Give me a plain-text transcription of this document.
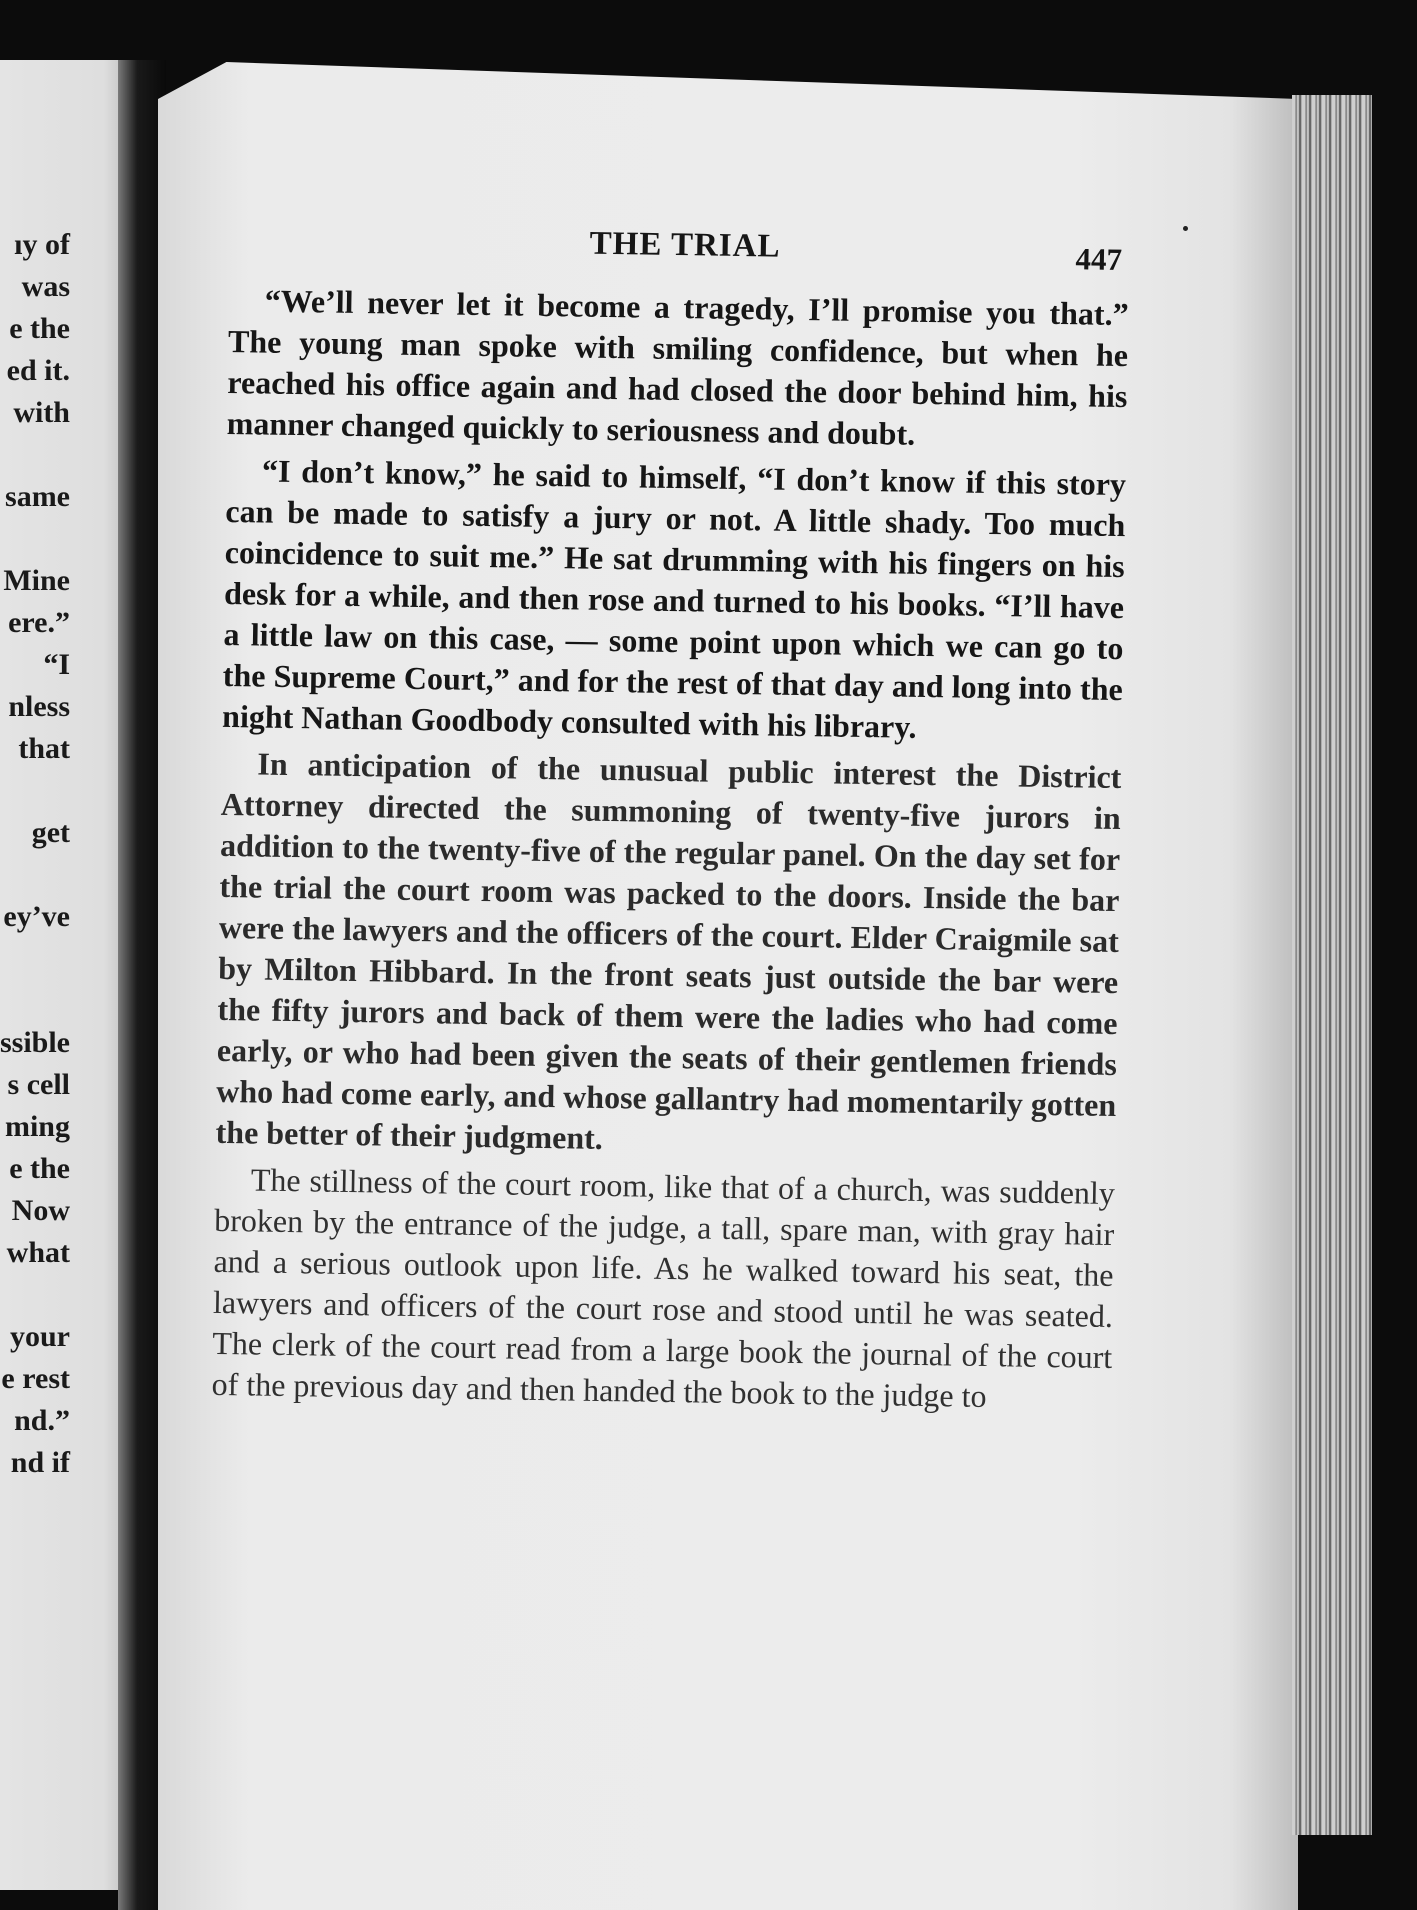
ıy of
was
e the
ed it.
with
same
Mine
ere.”
“I
nless
that
get
ey’ve
ssible
s cell
ming
e the
Now
what
your
e rest
nd.”
nd if
THE TRIAL	447

“We’ll never let it become a tragedy, I’ll promise you that.” The young man spoke with smiling confidence, but when he reached his office again and had closed the door behind him, his manner changed quickly to seriousness and doubt.

“I don’t know,” he said to himself, “I don’t know if this story can be made to satisfy a jury or not. A little shady. Too much coincidence to suit me.” He sat drumming with his fingers on his desk for a while, and then rose and turned to his books. “I’ll have a little law on this case, — some point upon which we can go to the Supreme Court,” and for the rest of that day and long into the night Nathan Goodbody consulted with his library.

In anticipation of the unusual public interest the District Attorney directed the summoning of twenty-five jurors in addition to the twenty-five of the regular panel. On the day set for the trial the court room was packed to the doors. Inside the bar were the lawyers and the officers of the court. Elder Craigmile sat by Milton Hibbard. In the front seats just outside the bar were the fifty jurors and back of them were the ladies who had come early, or who had been given the seats of their gentlemen friends who had come early, and whose gallantry had momentarily gotten the better of their judgment.

The stillness of the court room, like that of a church, was suddenly broken by the entrance of the judge, a tall, spare man, with gray hair and a serious outlook upon life. As he walked toward his seat, the lawyers and officers of the court rose and stood until he was seated. The clerk of the court read from a large book the journal of the court of the previous day and then handed the book to the judge to
